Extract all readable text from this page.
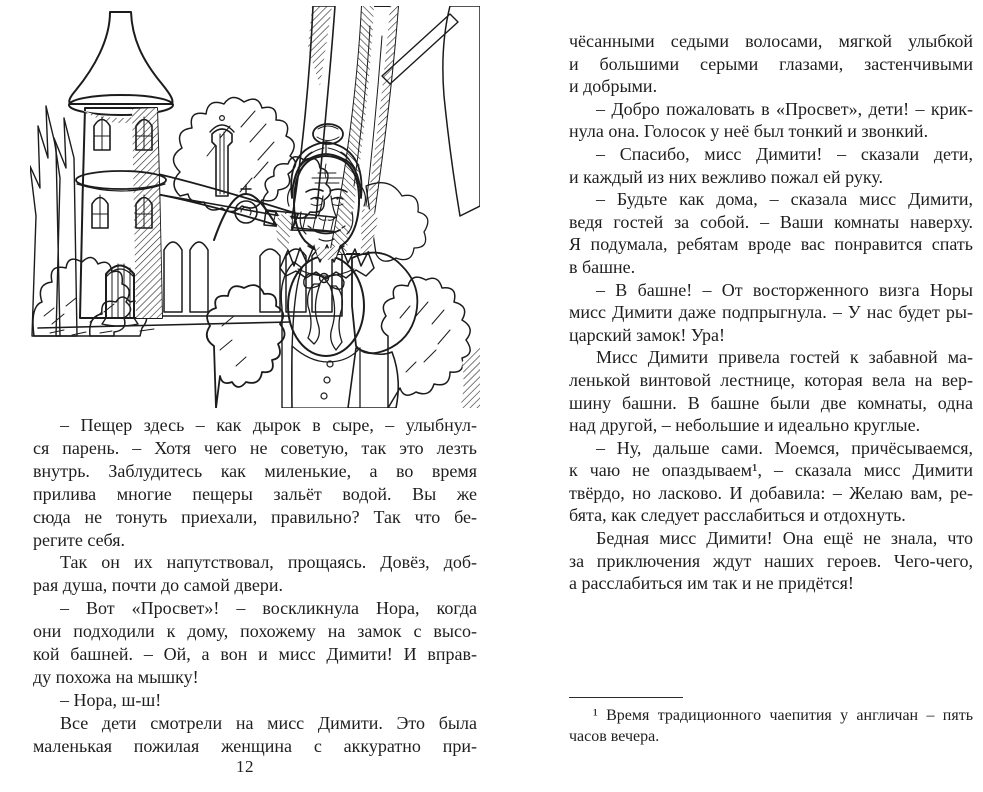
– Пещер здесь – как дырок в сыре, – улыбнул-
ся парень. – Хотя чего не советую, так это лезть
внутрь. Заблудитесь как миленькие, а во время
прилива многие пещеры зальёт водой. Вы же
сюда не тонуть приехали, правильно? Так что бе-
регите себя.
Так он их напутствовал, прощаясь. Довёз, доб-
рая душа, почти до самой двери.
– Вот «Просвет»! – воскликнула Нора, когда
они подходили к дому, похожему на замок с высо-
кой башней. – Ой, а вон и мисс Димити! И вправ-
ду похожа на мышку!
– Нора, ш-ш!
Все дети смотрели на мисс Димити. Это была
маленькая пожилая женщина с аккуратно при-
чёсанными седыми волосами, мягкой улыбкой
и большими серыми глазами, застенчивыми
и добрыми.
– Добро пожаловать в «Просвет», дети! – крик-
нула она. Голосок у неё был тонкий и звонкий.
– Спасибо, мисс Димити! – сказали дети,
и каждый из них вежливо пожал ей руку.
– Будьте как дома, – сказала мисс Димити,
ведя гостей за собой. – Ваши комнаты наверху.
Я подумала, ребятам вроде вас понравится спать
в башне.
– В башне! – От восторженного визга Норы
мисс Димити даже подпрыгнула. – У нас будет ры-
царский замок! Ура!
Мисс Димити привела гостей к забавной ма-
ленькой винтовой лестнице, которая вела на вер-
шину башни. В башне были две комнаты, одна
над другой, – небольшие и идеально круглые.
– Ну, дальше сами. Моемся, причёсываемся,
к чаю не опаздываем¹, – сказала мисс Димити
твёрдо, но ласково. И добавила: – Желаю вам, ре-
бята, как следует расслабиться и отдохнуть.
Бедная мисс Димити! Она ещё не знала, что
за приключения ждут наших героев. Чего-чего,
а расслабиться им так и не придётся!
¹ Время традиционного чаепития у англичан – пять
часов вечера.
12
